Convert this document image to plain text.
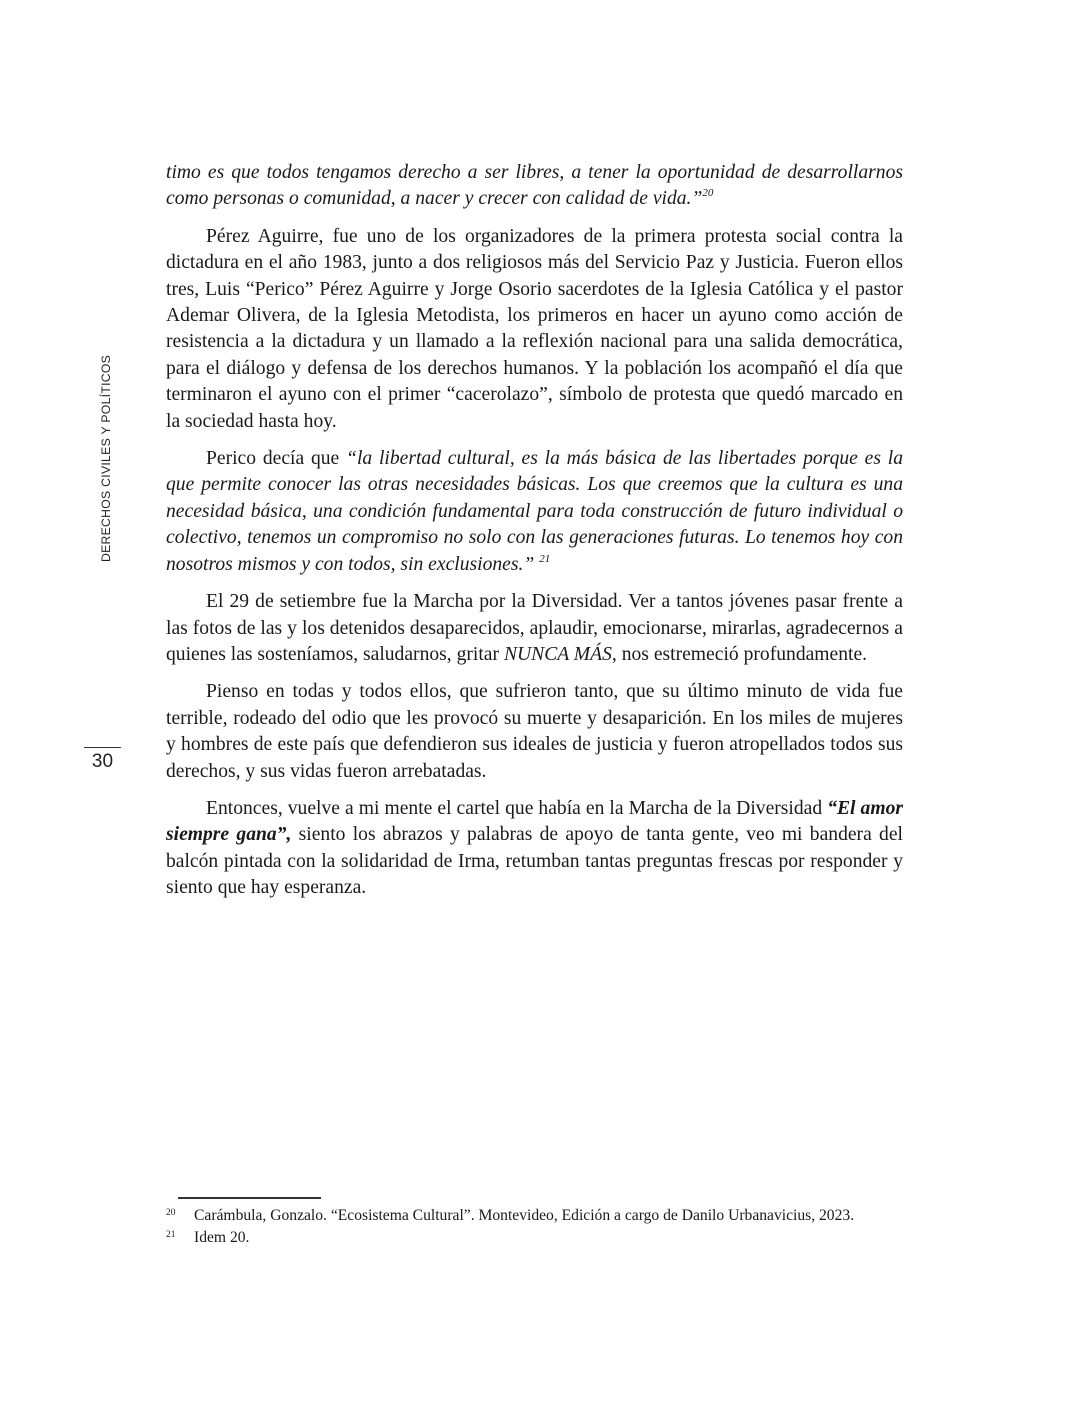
DERECHOS CIVILES Y POLÍTICOS
30

timo es que todos tengamos derecho a ser libres, a tener la oportunidad de desarrollarnos como personas o comunidad, a nacer y crecer con calidad de vida.”$^{20}$

Pérez Aguirre, fue uno de los organizadores de la primera protesta social contra la dictadura en el año 1983, junto a dos religiosos más del Servicio Paz y Justicia. Fueron ellos tres, Luis “Perico” Pérez Aguirre y Jorge Osorio sacerdotes de la Iglesia Católica y el pastor Ademar Olivera, de la Iglesia Metodista, los primeros en hacer un ayuno como acción de resistencia a la dictadura y un llamado a la reflexión nacional para una salida democrática, para el diálogo y defensa de los derechos humanos. Y la población los acompañó el día que terminaron el ayuno con el primer “cacerolazo”, símbolo de protesta que quedó marcado en la sociedad hasta hoy.

Perico decía que “la libertad cultural, es la más básica de las libertades porque es la que permite conocer las otras necesidades básicas. Los que creemos que la cultura es una necesidad básica, una condición fundamental para toda construcción de futuro individual o colectivo, tenemos un compromiso no solo con las generaciones futuras. Lo tenemos hoy con nosotros mismos y con todos, sin exclusiones.” $^{21}$

El 29 de setiembre fue la Marcha por la Diversidad. Ver a tantos jóvenes pasar frente a las fotos de las y los detenidos desaparecidos, aplaudir, emocionarse, mirarlas, agradecernos a quienes las sosteníamos, saludarnos, gritar NUNCA MÁS, nos estremeció profundamente.

Pienso en todas y todos ellos, que sufrieron tanto, que su último minuto de vida fue terrible, rodeado del odio que les provocó su muerte y desaparición. En los miles de mujeres y hombres de este país que defendieron sus ideales de justicia y fueron atropellados todos sus derechos, y sus vidas fueron arrebatadas.

Entonces, vuelve a mi mente el cartel que había en la Marcha de la Diversidad “El amor siempre gana”, siento los abrazos y palabras de apoyo de tanta gente, veo mi bandera del balcón pintada con la solidaridad de Irma, retumban tantas preguntas frescas por responder y siento que hay esperanza.

20	Carámbula, Gonzalo. “Ecosistema Cultural”. Montevideo, Edición a cargo de Danilo Urbanavicius, 2023.
21	Idem 20.
